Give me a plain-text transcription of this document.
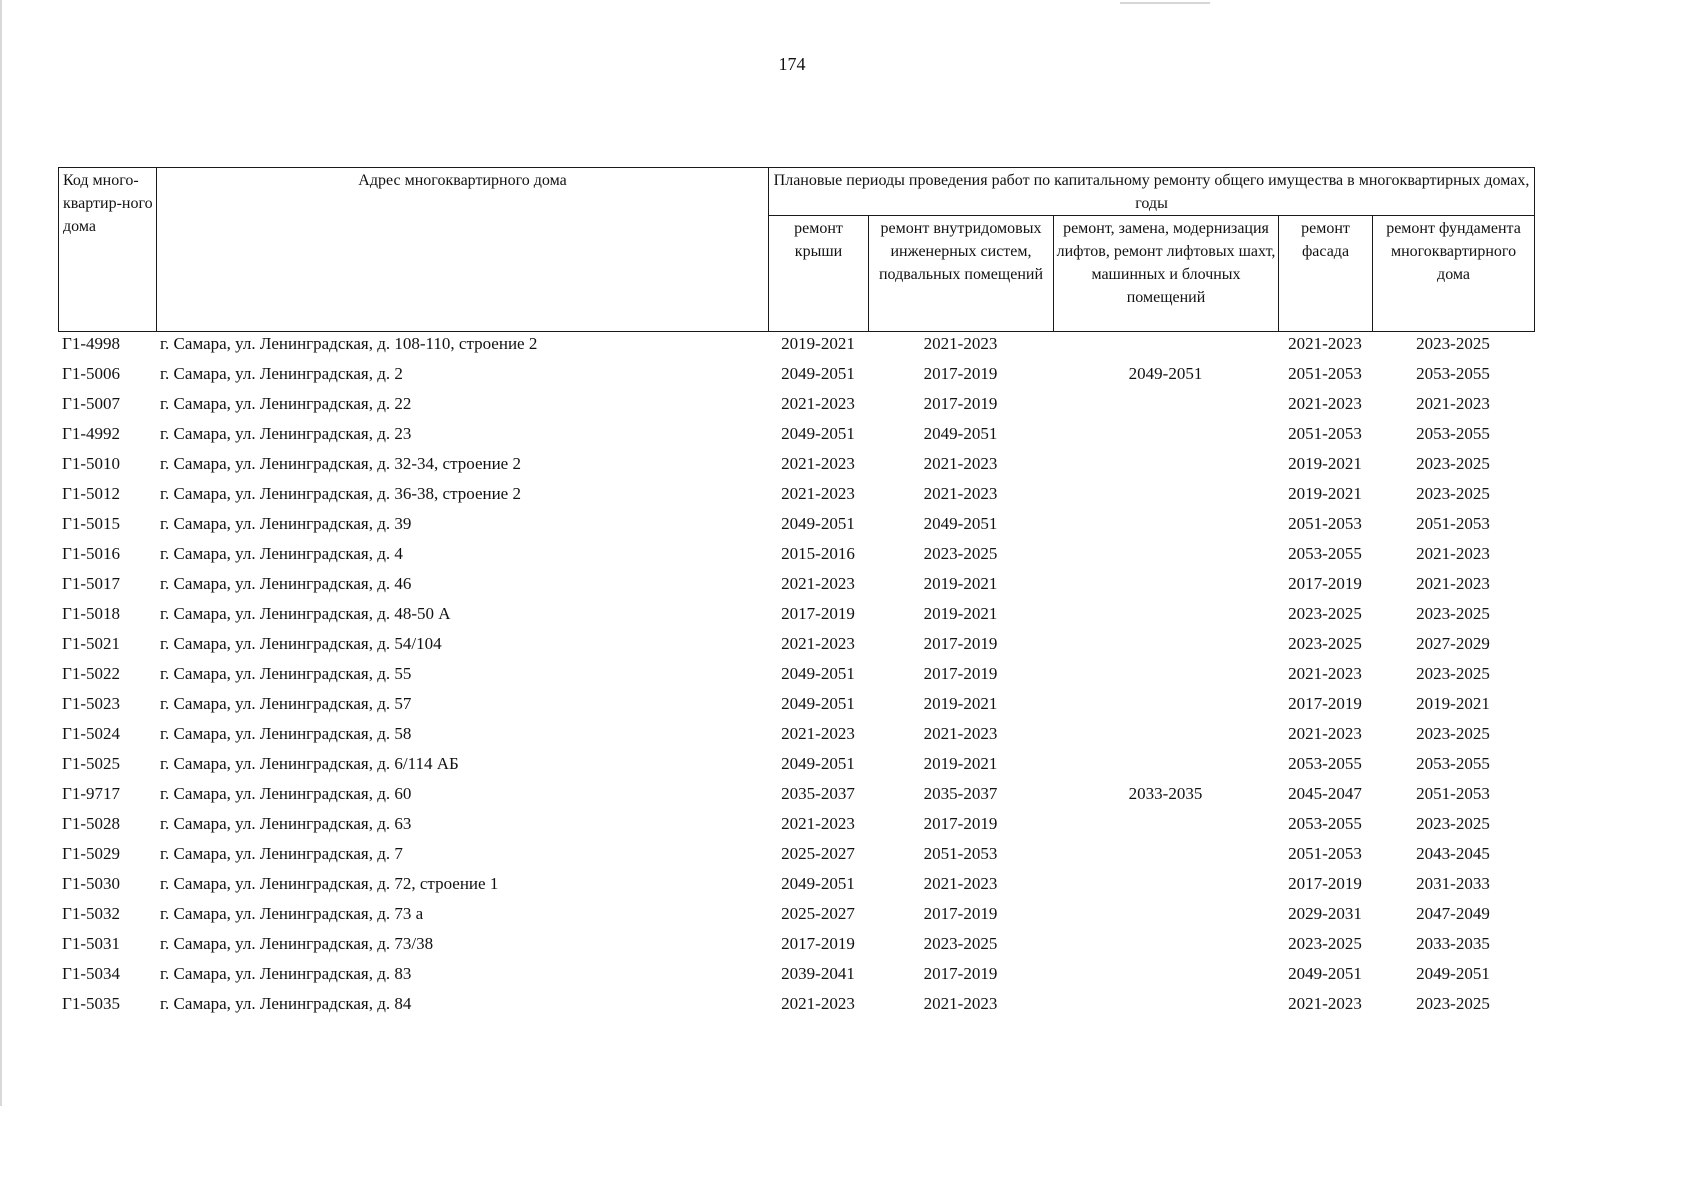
174
Код много-квартир-ного дома	Адрес многоквартирного дома	Плановые периоды проведения работ по капитальному ремонту общего имущества в многоквартирных домах, годы				
		ремонт крыши	ремонт внутридомовых инженерных систем, подвальных помещений	ремонт, замена, модернизация лифтов, ремонт лифтовых шахт, машинных и блочных помещений	ремонт фасада	ремонт фундамента многоквартирного дома
Г1-4998	г. Самара, ул. Ленинградская, д. 108-110, строение 2	2019-2021	2021-2023		2021-2023	2023-2025
Г1-5006	г. Самара, ул. Ленинградская, д. 2	2049-2051	2017-2019	2049-2051	2051-2053	2053-2055
Г1-5007	г. Самара, ул. Ленинградская, д. 22	2021-2023	2017-2019		2021-2023	2021-2023
Г1-4992	г. Самара, ул. Ленинградская, д. 23	2049-2051	2049-2051		2051-2053	2053-2055
Г1-5010	г. Самара, ул. Ленинградская, д. 32-34, строение 2	2021-2023	2021-2023		2019-2021	2023-2025
Г1-5012	г. Самара, ул. Ленинградская, д. 36-38, строение 2	2021-2023	2021-2023		2019-2021	2023-2025
Г1-5015	г. Самара, ул. Ленинградская, д. 39	2049-2051	2049-2051		2051-2053	2051-2053
Г1-5016	г. Самара, ул. Ленинградская, д. 4	2015-2016	2023-2025		2053-2055	2021-2023
Г1-5017	г. Самара, ул. Ленинградская, д. 46	2021-2023	2019-2021		2017-2019	2021-2023
Г1-5018	г. Самара, ул. Ленинградская, д. 48-50 А	2017-2019	2019-2021		2023-2025	2023-2025
Г1-5021	г. Самара, ул. Ленинградская, д. 54/104	2021-2023	2017-2019		2023-2025	2027-2029
Г1-5022	г. Самара, ул. Ленинградская, д. 55	2049-2051	2017-2019		2021-2023	2023-2025
Г1-5023	г. Самара, ул. Ленинградская, д. 57	2049-2051	2019-2021		2017-2019	2019-2021
Г1-5024	г. Самара, ул. Ленинградская, д. 58	2021-2023	2021-2023		2021-2023	2023-2025
Г1-5025	г. Самара, ул. Ленинградская, д. 6/114 АБ	2049-2051	2019-2021		2053-2055	2053-2055
Г1-9717	г. Самара, ул. Ленинградская, д. 60	2035-2037	2035-2037	2033-2035	2045-2047	2051-2053
Г1-5028	г. Самара, ул. Ленинградская, д. 63	2021-2023	2017-2019		2053-2055	2023-2025
Г1-5029	г. Самара, ул. Ленинградская, д. 7	2025-2027	2051-2053		2051-2053	2043-2045
Г1-5030	г. Самара, ул. Ленинградская, д. 72, строение 1	2049-2051	2021-2023		2017-2019	2031-2033
Г1-5032	г. Самара, ул. Ленинградская, д. 73 а	2025-2027	2017-2019		2029-2031	2047-2049
Г1-5031	г. Самара, ул. Ленинградская, д. 73/38	2017-2019	2023-2025		2023-2025	2033-2035
Г1-5034	г. Самара, ул. Ленинградская, д. 83	2039-2041	2017-2019		2049-2051	2049-2051
Г1-5035	г. Самара, ул. Ленинградская, д. 84	2021-2023	2021-2023		2021-2023	2023-2025
